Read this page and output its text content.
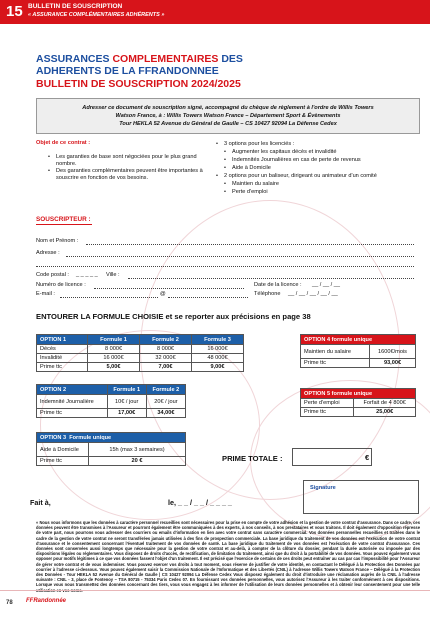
15 BULLETIN DE SOUSCRIPTION
« ASSURANCE COMPLÉMENTAIRES ADHÉRENTS »
ASSURANCES COMPLEMENTAIRES DES
ADHERENTS DE LA FFRANDONNEE
BULLETIN DE SOUSCRIPTION 2024/2025
Adresser ce document de souscription signé, accompagné du chèque de règlement à l'ordre de Willis Towers
Watson France, à : Willis Towers Watson France – Département Sport & Évènements
Tour HEKLA 52 Avenue du Général de Gaulle – CS 10427 92094 La Défense Cedex
Objet de ce contrat :
• Les garanties de base sont négociées pour le plus grand nombre.
• Des garanties complémentaires peuvent être importantes à souscrire en fonction de vos besoins.
• 3 options pour les licenciés :
• Augmenter les capitaux décès et invalidité
• Indemnités Journalières en cas de perte de revenus
• Aide à Domicile
• 2 options pour un baliseur, dirigeant ou animateur d'un comité
• Maintien du salaire
• Perte d'emploi
SOUSCRIPTEUR :
Nom et Prénom :
Adresse :
Code postal : _ _ _ _ _ Ville :
Numéro de licence :	Date de la licence : __ / __ / __
E-mail :	@	Téléphone __ / __ / __ / __ / __
ENTOURER LA FORMULE CHOISIE et se reporter aux précisions en page 38
OPTION 1	Formule 1	Formule 2	Formule 3
Décès	8 000€	8 000€	16 000€
Invalidité	16 000€	32 000€	48 000€
Prime ttc	5,00€	7,00€	9,00€
OPTION 2	Formule 1	Formule 2
Indemnité Journalière	10€ / jour	20€ / jour
Prime ttc	17,00€	34,00€
OPTION 3 Formule unique	
Aide à Domicile	15h (max 3 semaines)
Prime ttc	20 €
OPTION 4 formule unique	
Maintien du salaire	1600€/mois
Prime ttc	93,00€
OPTION 5 formule unique	
Perte d'emploi	Forfait de 4 800€
Prime ttc	25,00€
PRIME TOTALE :	€
Signature
Fait à,	le, _ _ / _ _ / _ _ _ _
« Nous vous informons que les données à caractère personnel recueillies sont nécessaires pour la prise en compte de votre adhésion et la gestion de votre contrat d'assurance. Dans ce cadre, ces données peuvent être transmises à l'Assureur et pourront également être communiquées à des experts, à nos conseils, à nos prestataires et vous traitons. Il doit également d'opposition répresse de votre part, nous pourrons vous adresser des courriers ou emails d'information en lien avec votre contrat sans caractère commercial. Vos données personnelles recueillies et traitées dans le cadre de la gestion de votre contrat ne seront transférées jamais utilisées à des fins de prospection commerciale. La base juridique du traitement de vos données est l'exécution de votre contrat d'assurance et le consentement concernant l'éventuel traitement de vos données de santé. La base juridique du traitement de vos données est l'exécution de votre contrat d'assurance. Ces données sont conservées aussi longtemps que nécessaire pour la gestion de votre contrat et au-delà, à compter de la clôture du dossier, pendant la durée autorisée ou imposée par des dispositions légales ou réglementaires. Vous disposez de droits d'accès, de rectification, de limitation du traitement, ainsi que du droit à la portabilité de vos données. Vous pouvez également vous opposer pour motifs légitimes à ce que vos données fassent l'objet d'un traitement. Il est précisé que l'exercice de certains de ces droits peut entraîner au cas par cas l'impossibilité pour l'Assureur de gérer votre contrat et de vous indemniser. Vous pouvez exercer vos droits à tout moment, sous réserve de justifier de votre identité, en contactant le Délégué à la Protection des Données par courrier à l'adresse ci-dessous. Vous pouvez également saisir la Commission Nationale de l'Informatique et des Libertés (CNIL) à l'adresse Willis Towers Watson France – Délégué à la Protection des Données - Tour HEKLA 52 Avenue du Général de Gaulle | CS 10427 92094 La Défense Cedex Vous disposez également du droit d'introduire une réclamation auprès de la CNIL à l'adresse suivante : CNIL - 3, place de Fontenoy – TSA 80715 - 75334 Paris Cedex 07. En fournissant vos données personnelles, vous autorisez l'Assureur à les traiter conformément à ces dispositions. Lorsque vous nous transmettez des données concernant des tiers, vous vous engagez à les informer de l'utilisation de leurs données personnelles et à obtenir leur consentement pour une telle
78 FFRandonnée
